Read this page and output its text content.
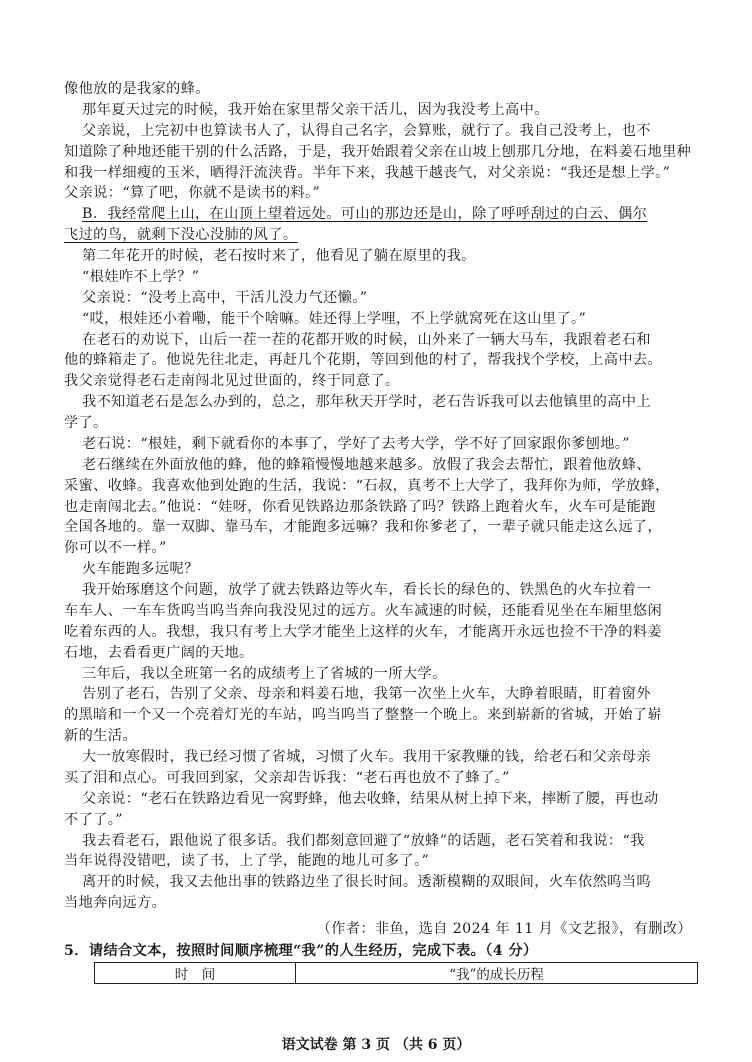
像他放的是我家的蜂。
那年夏天过完的时候，我开始在家里帮父亲干活儿，因为我没考上高中。
父亲说，上完初中也算读书人了，认得自己名字，会算账，就行了。我自己没考上，也不
知道除了种地还能干别的什么活路，于是，我开始跟着父亲在山坡上刨那几分地，在料姜石地里种
和我一样细瘦的玉米，晒得汗流浃背。半年下来，我越干越丧气，对父亲说：“我还是想上学。”
父亲说：“算了吧，你就不是读书的料。”
B．我经常爬上山，在山顶上望着远处。可山的那边还是山，除了呼呼刮过的白云、偶尔
飞过的鸟，就剩下没心没肺的风了。
第二年花开的时候，老石按时来了，他看见了躺在原里的我。
“根娃咋不上学？”
父亲说：“没考上高中，干活儿没力气还懒。”
“哎，根娃还小着嘞，能干个啥嘛。娃还得上学哩，不上学就窝死在这山里了。”
在老石的劝说下，山后一茬一茬的花都开败的时候，山外来了一辆大马车，我跟着老石和
他的蜂箱走了。他说先往北走，再赶几个花期，等回到他的村了，帮我找个学校，上高中去。
我父亲觉得老石走南闯北见过世面的，终于同意了。
我不知道老石是怎么办到的，总之，那年秋天开学时，老石告诉我可以去他镇里的高中上
学了。
老石说：“根娃，剩下就看你的本事了，学好了去考大学，学不好了回家跟你爹刨地。”
老石继续在外面放他的蜂，他的蜂箱慢慢地越来越多。放假了我会去帮忙，跟着他放蜂、
采蜜、收蜂。我喜欢他到处跑的生活，我说：“石叔，真考不上大学了，我拜你为师，学放蜂，
也走南闯北去。”他说：“娃呀，你看见铁路边那条铁路了吗？铁路上跑着火车，火车可是能跑
全国各地的。靠一双脚、靠马车，才能跑多远嘛？我和你爹老了，一辈子就只能走这么远了，
你可以不一样。”
火车能跑多远呢？
我开始琢磨这个问题，放学了就去铁路边等火车，看长长的绿色的、铁黑色的火车拉着一
车车人、一车车货呜当呜当奔向我没见过的远方。火车减速的时候，还能看见坐在车厢里悠闲
吃着东西的人。我想，我只有考上大学才能坐上这样的火车，才能离开永远也捡不干净的料姜
石地，去看看更广阔的天地。
三年后，我以全班第一名的成绩考上了省城的一所大学。
告别了老石，告别了父亲、母亲和料姜石地，我第一次坐上火车，大睁着眼睛，盯着窗外
的黑暗和一个又一个亮着灯光的车站，呜当呜当了整整一个晚上。来到崭新的省城，开始了崭
新的生活。
大一放寒假时，我已经习惯了省城，习惯了火车。我用干家教赚的钱，给老石和父亲母亲
买了泪和点心。可我回到家，父亲却告诉我：“老石再也放不了蜂了。”
父亲说：“老石在铁路边看见一窝野蜂，他去收蜂，结果从树上掉下来，摔断了腰，再也动
不了了。”
我去看老石，跟他说了很多话。我们都刻意回避了“放蜂”的话题，老石笑着和我说：“我
当年说得没错吧，读了书，上了学，能跑的地儿可多了。”
离开的时候，我又去他出事的铁路边坐了很长时间。透渐模糊的双眼间，火车依然呜当呜
当地奔向远方。
（作者：非鱼，选自 2024 年 11 月《文艺报》，有删改）
5．请结合文本，按照时间顺序梳理“我”的人生经历，完成下表。（4 分）
时　间	“我”的成长历程
语文试卷 第 3 页 （共 6 页）
